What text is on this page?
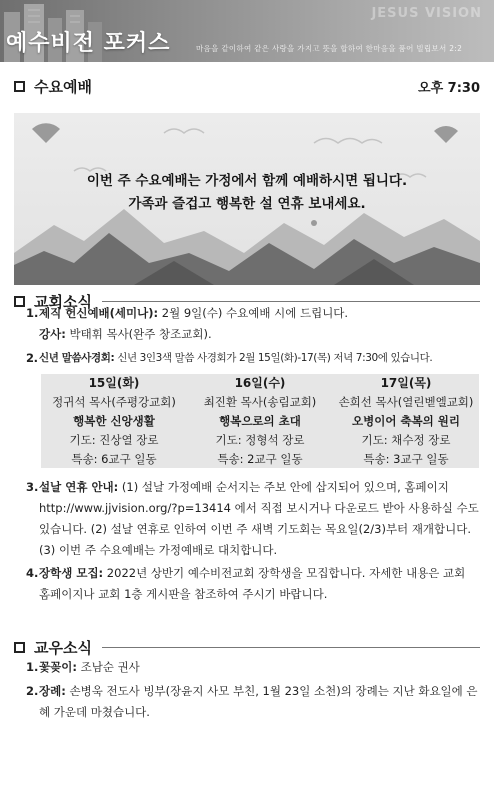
JESUS VISION
예수비전 포커스	마음을 같이하여 같은 사랑을 가지고 뜻을 합하여 한마음을 품어 빌립보서 2:2
수요예배	오후 7:30
이번 주 수요예배는 가정에서 함께 예배하시면 됩니다.
가족과 즐겁고 행복한 설 연휴 보내세요.
교회소식
1. 제직 헌신예배(세미나): 2월 9일(수) 수요예배 시에 드립니다.
강사: 박태휘 목사(완주 창조교회).
2. 신년 말씀사경회: 신년 3인3색 말씀 사경회가 2월 15일(화)-17(목) 저녁 7:30에 있습니다.
15일(화)
정귀석 목사(주평강교회)
행복한 신앙생활
기도: 진상열 장로
특송: 6교구 일동
16일(수)
최진환 목사(송림교회)
행복으로의 초대
기도: 정형석 장로
특송: 2교구 일동
17일(목)
손희선 목사(열린벧엘교회)
오병이어 축복의 원리
기도: 채수정 장로
특송: 3교구 일동
3. 설날 연휴 안내: (1) 설날 가정예배 순서지는 주보 안에 삽지되어 있으며, 홈페이지 http://www.jjvision.org/?p=13414 에서 직접 보시거나 다운로드 받아 사용하실 수도 있습니다. (2) 설날 연휴로 인하여 이번 주 새벽 기도회는 목요일(2/3)부터 재개합니다. (3) 이번 주 수요예배는 가정예배로 대치합니다.
4. 장학생 모집: 2022년 상반기 예수비전교회 장학생을 모집합니다. 자세한 내용은 교회 홈페이지나 교회 1층 게시판을 참조하여 주시기 바랍니다.
교우소식
1. 꽃꽂이: 조남순 권사
2. 장례: 손병욱 전도사 빙부(장윤지 사모 부친, 1월 23일 소천)의 장례는 지난 화요일에 은혜 가운데 마쳤습니다.
